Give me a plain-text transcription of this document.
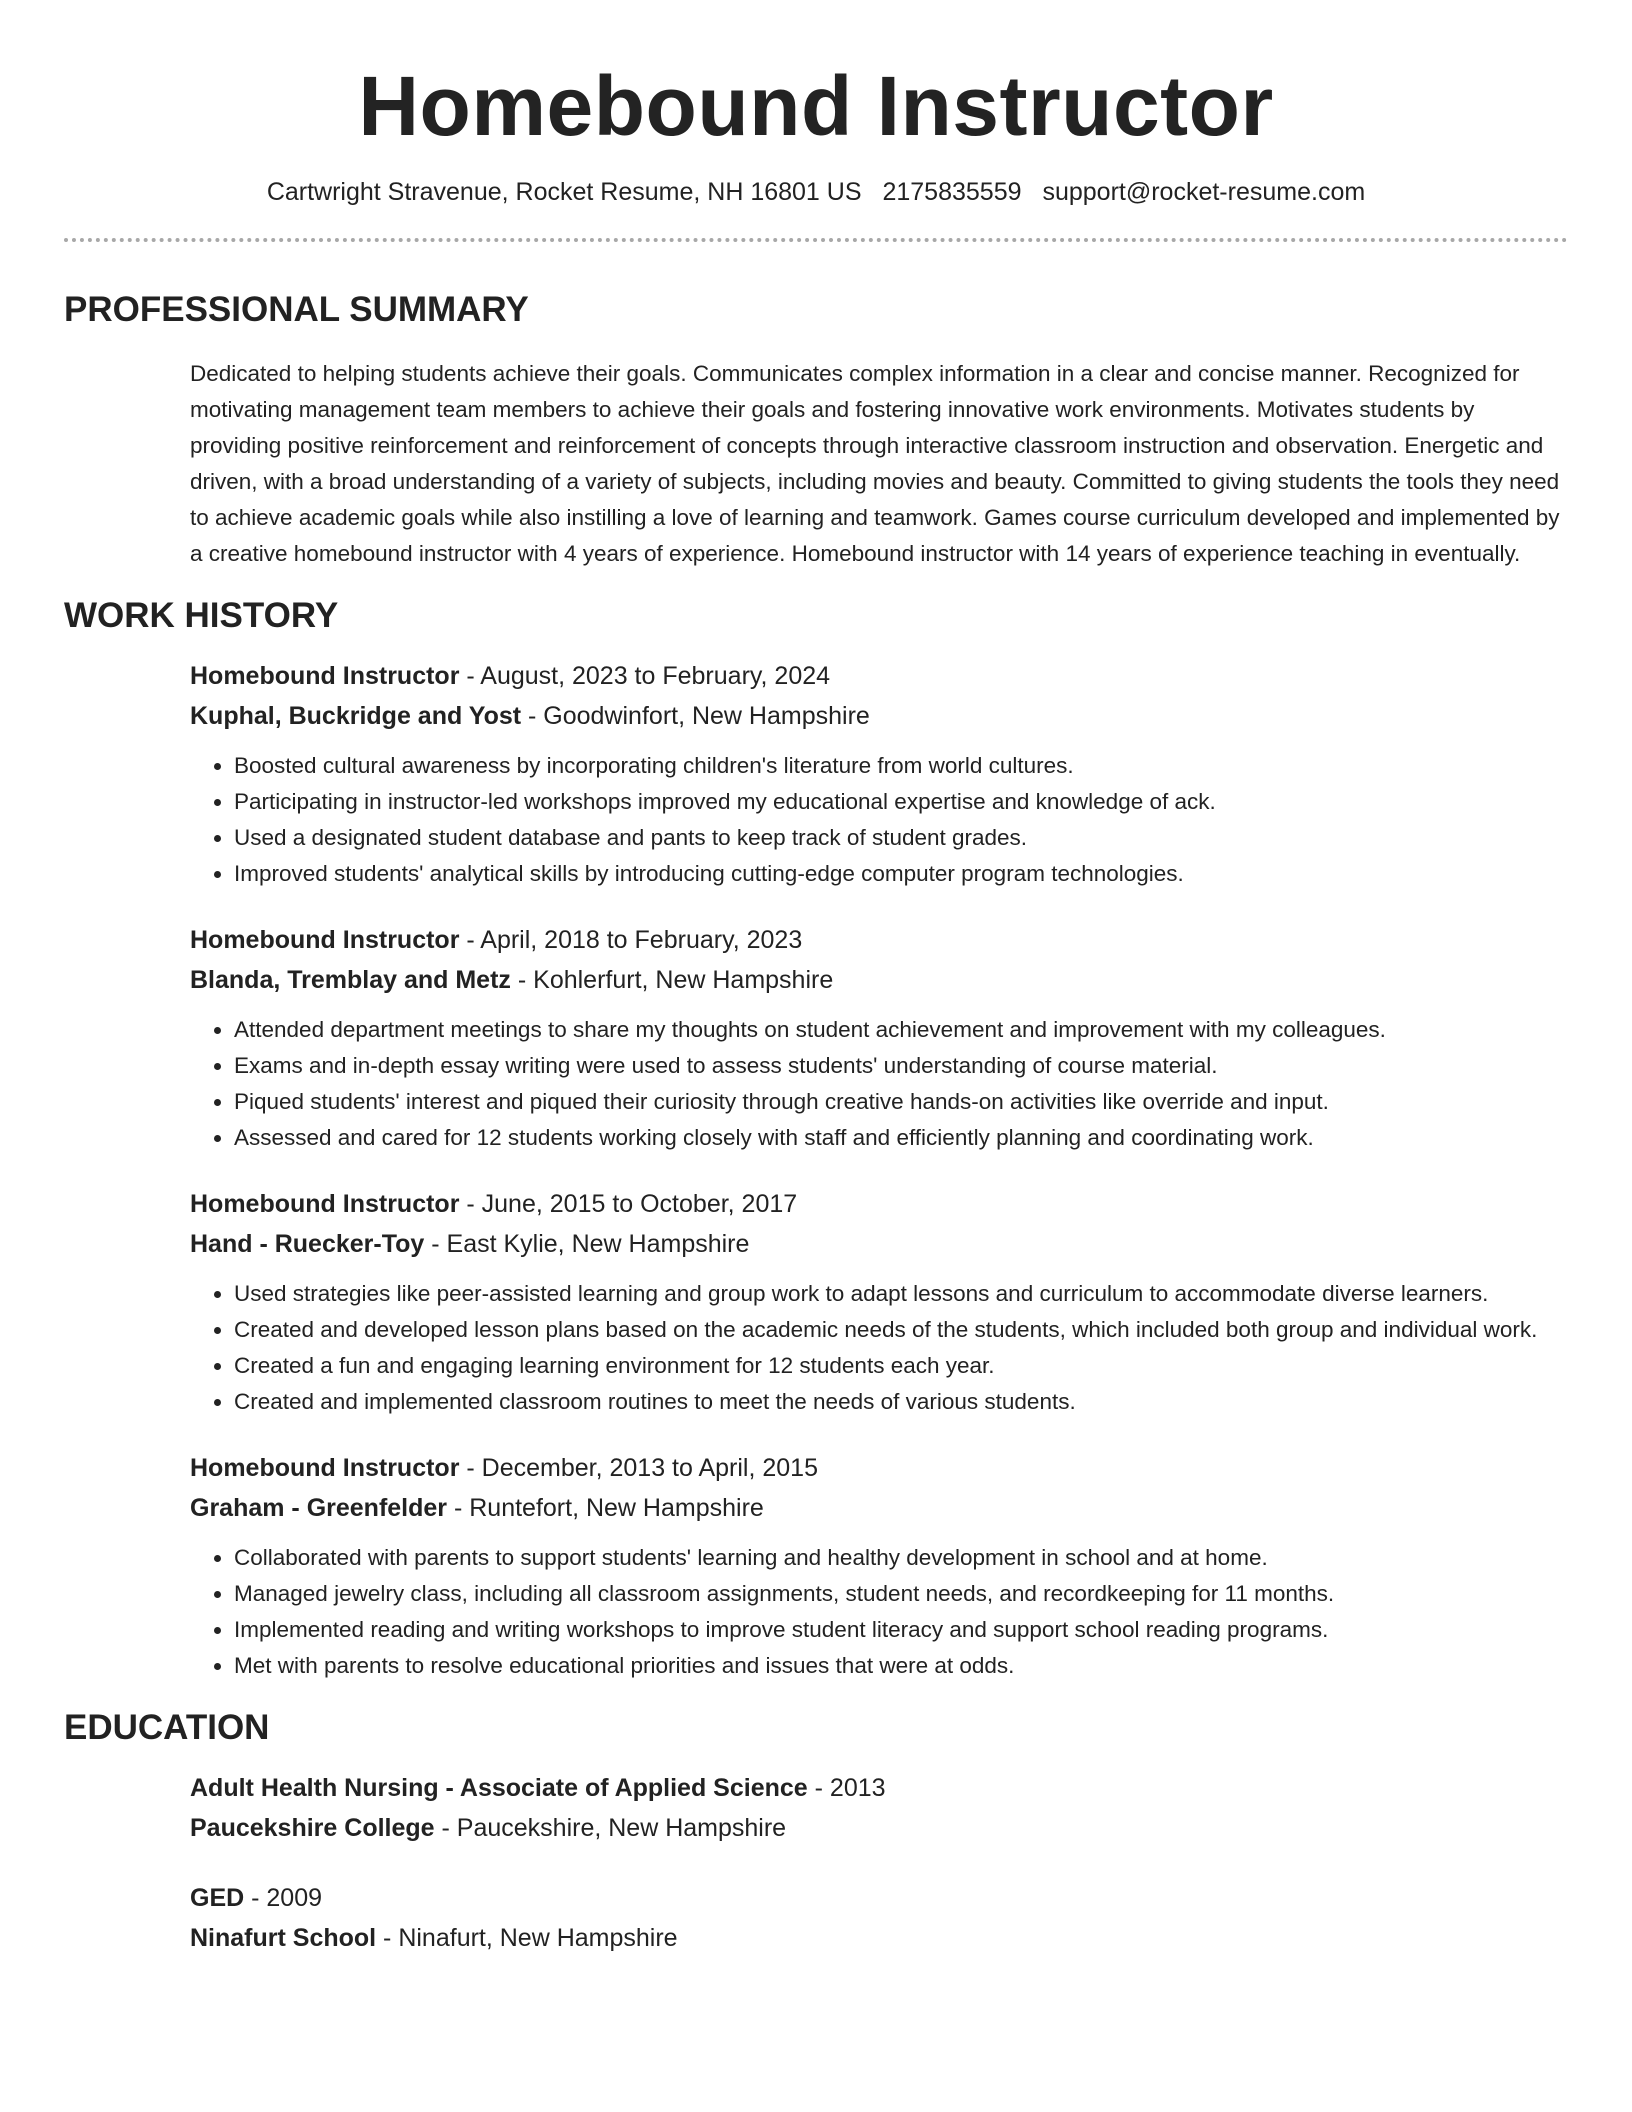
Homebound Instructor
Cartwright Stravenue, Rocket Resume, NH 16801 US 2175835559 support@rocket-resume.com
PROFESSIONAL SUMMARY

Dedicated to helping students achieve their goals. Communicates complex information in a clear and concise manner. Recognized for motivating management team members to achieve their goals and fostering innovative work environments. Motivates students by providing positive reinforcement and reinforcement of concepts through interactive classroom instruction and observation. Energetic and driven, with a broad understanding of a variety of subjects, including movies and beauty. Committed to giving students the tools they need to achieve academic goals while also instilling a love of learning and teamwork. Games course curriculum developed and implemented by a creative homebound instructor with 4 years of experience. Homebound instructor with 14 years of experience teaching in eventually.

WORK HISTORY
Homebound Instructor - August, 2023 to February, 2024
Kuphal, Buckridge and Yost - Goodwinfort, New Hampshire
• Boosted cultural awareness by incorporating children's literature from world cultures.
• Participating in instructor-led workshops improved my educational expertise and knowledge of ack.
• Used a designated student database and pants to keep track of student grades.
• Improved students' analytical skills by introducing cutting-edge computer program technologies.
Homebound Instructor - April, 2018 to February, 2023
Blanda, Tremblay and Metz - Kohlerfurt, New Hampshire
• Attended department meetings to share my thoughts on student achievement and improvement with my colleagues.
• Exams and in-depth essay writing were used to assess students' understanding of course material.
• Piqued students' interest and piqued their curiosity through creative hands-on activities like override and input.
• Assessed and cared for 12 students working closely with staff and efficiently planning and coordinating work.
Homebound Instructor - June, 2015 to October, 2017
Hand - Ruecker-Toy - East Kylie, New Hampshire
• Used strategies like peer-assisted learning and group work to adapt lessons and curriculum to accommodate diverse learners.
• Created and developed lesson plans based on the academic needs of the students, which included both group and individual work.
• Created a fun and engaging learning environment for 12 students each year.
• Created and implemented classroom routines to meet the needs of various students.
Homebound Instructor - December, 2013 to April, 2015
Graham - Greenfelder - Runtefort, New Hampshire
• Collaborated with parents to support students' learning and healthy development in school and at home.
• Managed jewelry class, including all classroom assignments, student needs, and recordkeeping for 11 months.
• Implemented reading and writing workshops to improve student literacy and support school reading programs.
• Met with parents to resolve educational priorities and issues that were at odds.
EDUCATION
Adult Health Nursing - Associate of Applied Science - 2013
Paucekshire College - Paucekshire, New Hampshire
GED - 2009
Ninafurt School - Ninafurt, New Hampshire
